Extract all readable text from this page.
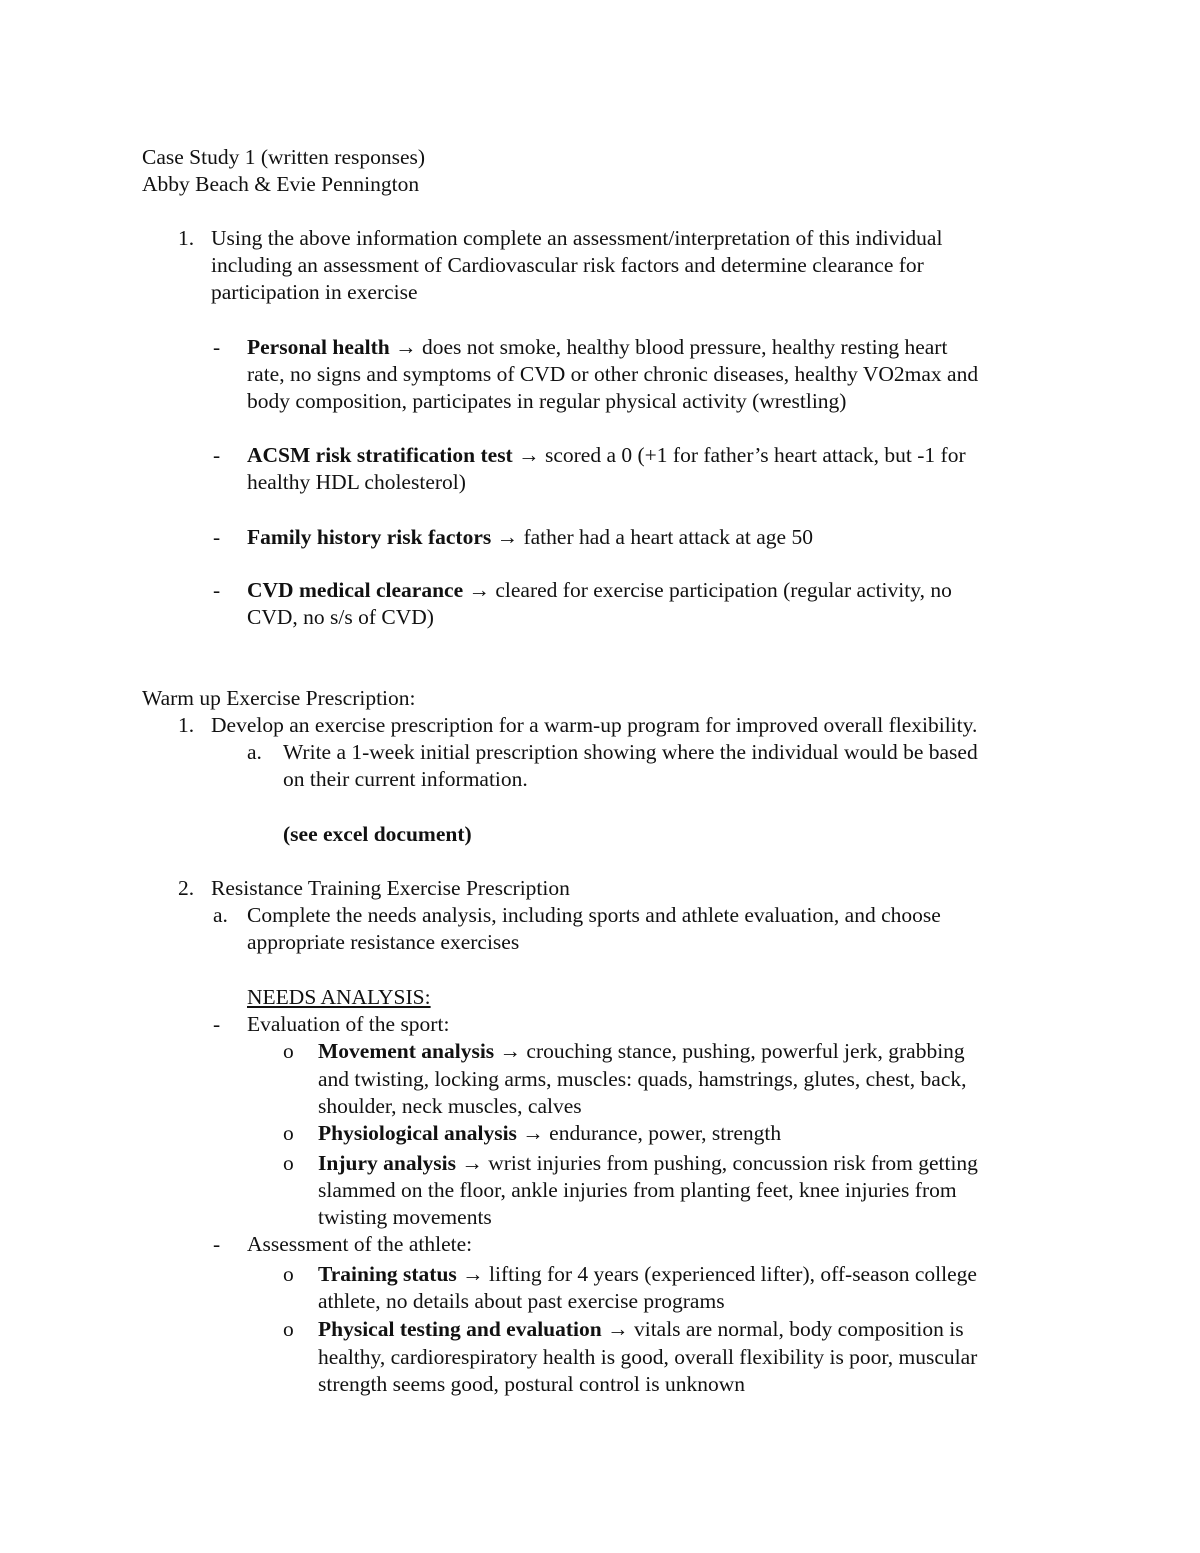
Case Study 1 (written responses)
Abby Beach & Evie Pennington
1. Using the above information complete an assessment/interpretation of this individual
including an assessment of Cardiovascular risk factors and determine clearance for
participation in exercise
- Personal health → does not smoke, healthy blood pressure, healthy resting heart
rate, no signs and symptoms of CVD or other chronic diseases, healthy VO2max and
body composition, participates in regular physical activity (wrestling)
- ACSM risk stratification test → scored a 0 (+1 for father’s heart attack, but -1 for
healthy HDL cholesterol)
- Family history risk factors → father had a heart attack at age 50
- CVD medical clearance → cleared for exercise participation (regular activity, no
CVD, no s/s of CVD)
Warm up Exercise Prescription:
1. Develop an exercise prescription for a warm-up program for improved overall flexibility.
a. Write a 1-week initial prescription showing where the individual would be based
on their current information.
(see excel document)
2. Resistance Training Exercise Prescription
a. Complete the needs analysis, including sports and athlete evaluation, and choose
appropriate resistance exercises
NEEDS ANALYSIS:
- Evaluation of the sport:
o Movement analysis → crouching stance, pushing, powerful jerk, grabbing
and twisting, locking arms, muscles: quads, hamstrings, glutes, chest, back,
shoulder, neck muscles, calves
o Physiological analysis → endurance, power, strength
o Injury analysis → wrist injuries from pushing, concussion risk from getting
slammed on the floor, ankle injuries from planting feet, knee injuries from
twisting movements
- Assessment of the athlete:
o Training status → lifting for 4 years (experienced lifter), off-season college
athlete, no details about past exercise programs
o Physical testing and evaluation → vitals are normal, body composition is
healthy, cardiorespiratory health is good, overall flexibility is poor, muscular
strength seems good, postural control is unknown
